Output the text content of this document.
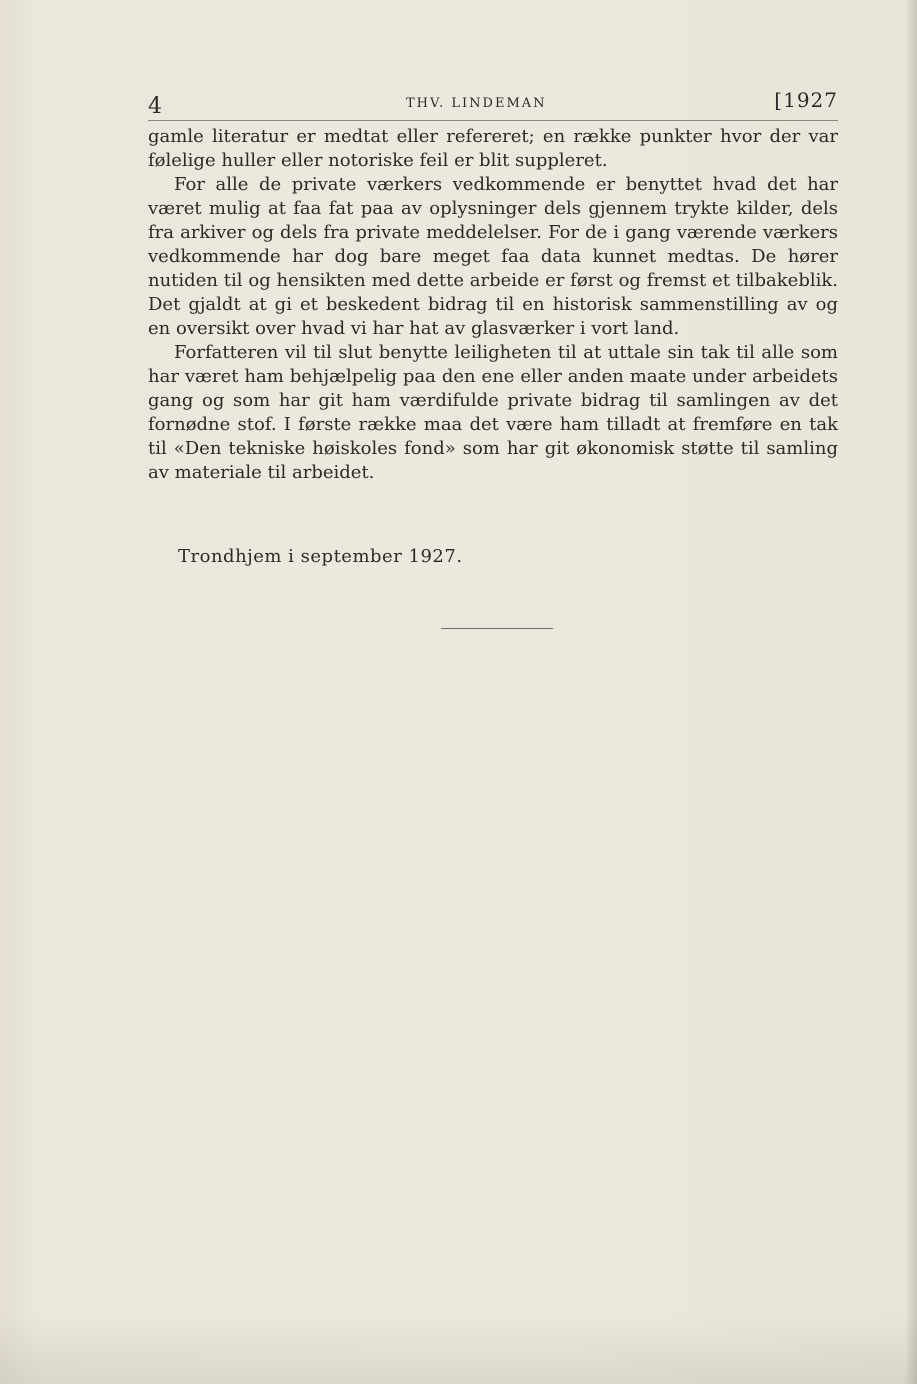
4	THV. LINDEMAN	[1927

gamle literatur er medtat eller refereret; en række punkter hvor der var følelige huller eller notoriske feil er blit suppleret.

For alle de private værkers vedkommende er benyttet hvad det har været mulig at faa fat paa av oplysninger dels gjennem trykte kilder, dels fra arkiver og dels fra private meddelelser. For de i gang værende værkers vedkommende har dog bare meget faa data kunnet medtas. De hører nutiden til og hensikten med dette arbeide er først og fremst et tilbakeblik. Det gjaldt at gi et beskedent bidrag til en historisk sammenstilling av og en oversikt over hvad vi har hat av glasværker i vort land.

Forfatteren vil til slut benytte leiligheten til at uttale sin tak til alle som har været ham behjælpelig paa den ene eller anden maate under arbeidets gang og som har git ham værdifulde private bidrag til samlingen av det fornødne stof. I første række maa det være ham tilladt at fremføre en tak til «Den tekniske høiskoles fond» som har git økonomisk støtte til samling av materiale til arbeidet.

Trondhjem i september 1927.
